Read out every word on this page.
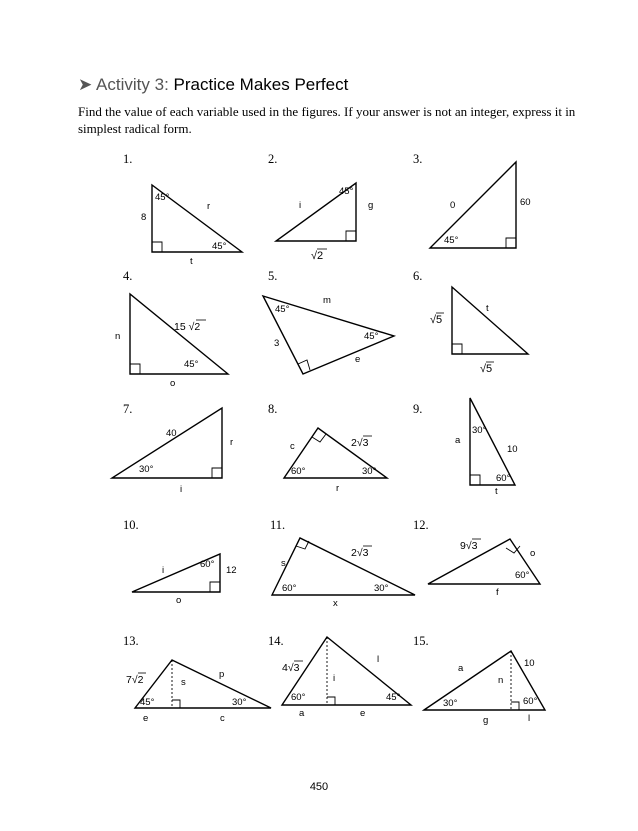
➤ Activity 3: Practice Makes Perfect

Find the value of each variable used in the figures. If your answer is not an integer, express it in simplest radical form.

1.
45°
r
8
45°
t
2.
45°
i	g
√2
3.
0	60
45°
4.
n
15 √2
45°
o
5.
m
45°
3
45°
e
6.
√5
t
√5
7.
40
r
30°
i
8.
c	2√3
60°	30°
r
9.
30°
a
10
60°
t
10.
i
60°
12
o
11.
2√3
s
60°	30°
x
12.
9√3
o
60°
f
13.
7√2	p
s
45°	30°
e	c
14.
l
4√3
i
60°	45°
a	e
15.
10
a
n
30°	60°
g	l
450
